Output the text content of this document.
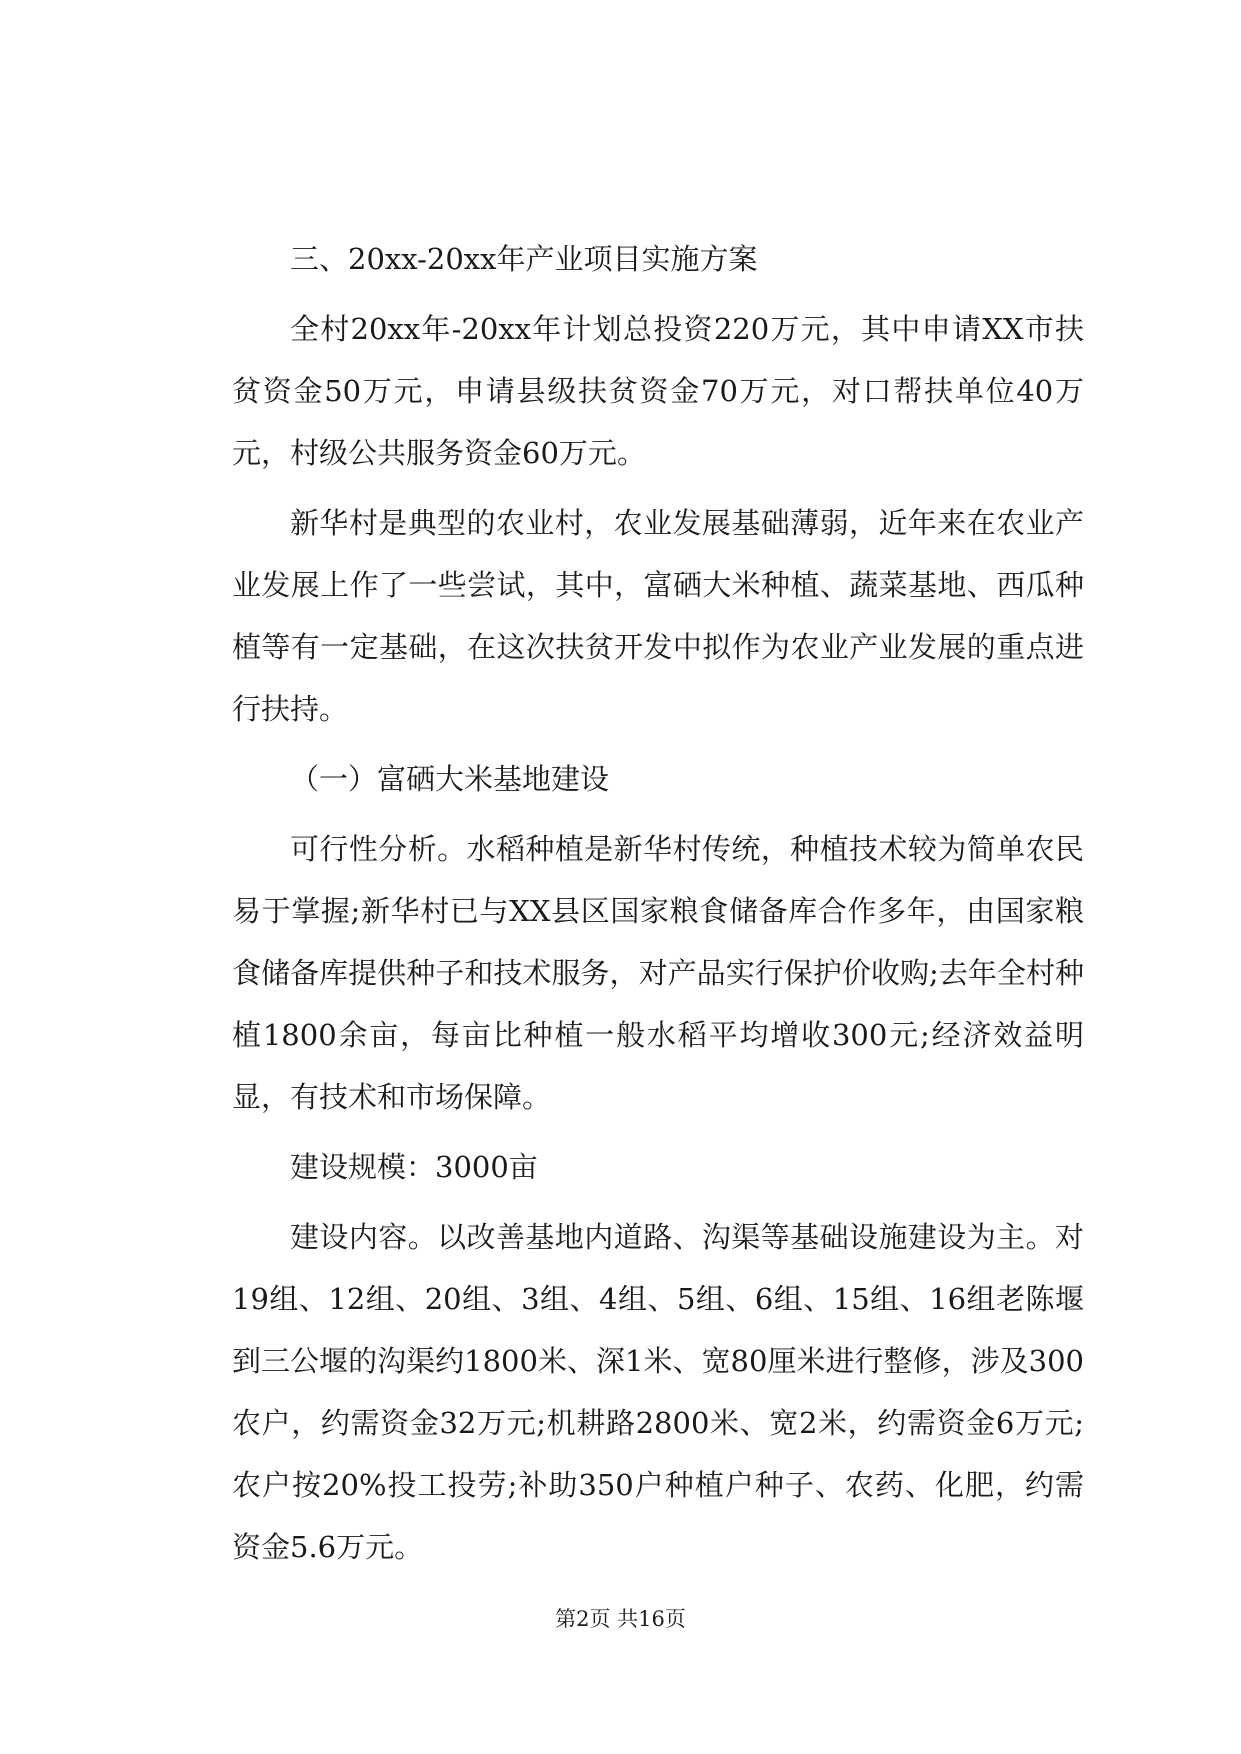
三、20xx-20xx年产业项目实施方案

全村20xx年-20xx年计划总投资220万元，其中申请XX市扶贫资金50万元，申请县级扶贫资金70万元，对口帮扶单位40万元，村级公共服务资金60万元。

新华村是典型的农业村，农业发展基础薄弱，近年来在农业产业发展上作了一些尝试，其中，富硒大米种植、蔬菜基地、西瓜种植等有一定基础，在这次扶贫开发中拟作为农业产业发展的重点进行扶持。

（一）富硒大米基地建设

可行性分析。水稻种植是新华村传统，种植技术较为简单农民易于掌握;新华村已与XX县区国家粮食储备库合作多年，由国家粮食储备库提供种子和技术服务，对产品实行保护价收购;去年全村种植1800余亩，每亩比种植一般水稻平均增收300元;经济效益明显，有技术和市场保障。

建设规模：3000亩

建设内容。以改善基地内道路、沟渠等基础设施建设为主。对19组、12组、20组、3组、4组、5组、6组、15组、16组老陈堰到三公堰的沟渠约1800米、深1米、宽80厘米进行整修，涉及300农户，约需资金32万元;机耕路2800米、宽2米，约需资金6万元;农户按20%投工投劳;补助350户种植户种子、农药、化肥，约需资金5.6万元。

第2页 共16页
